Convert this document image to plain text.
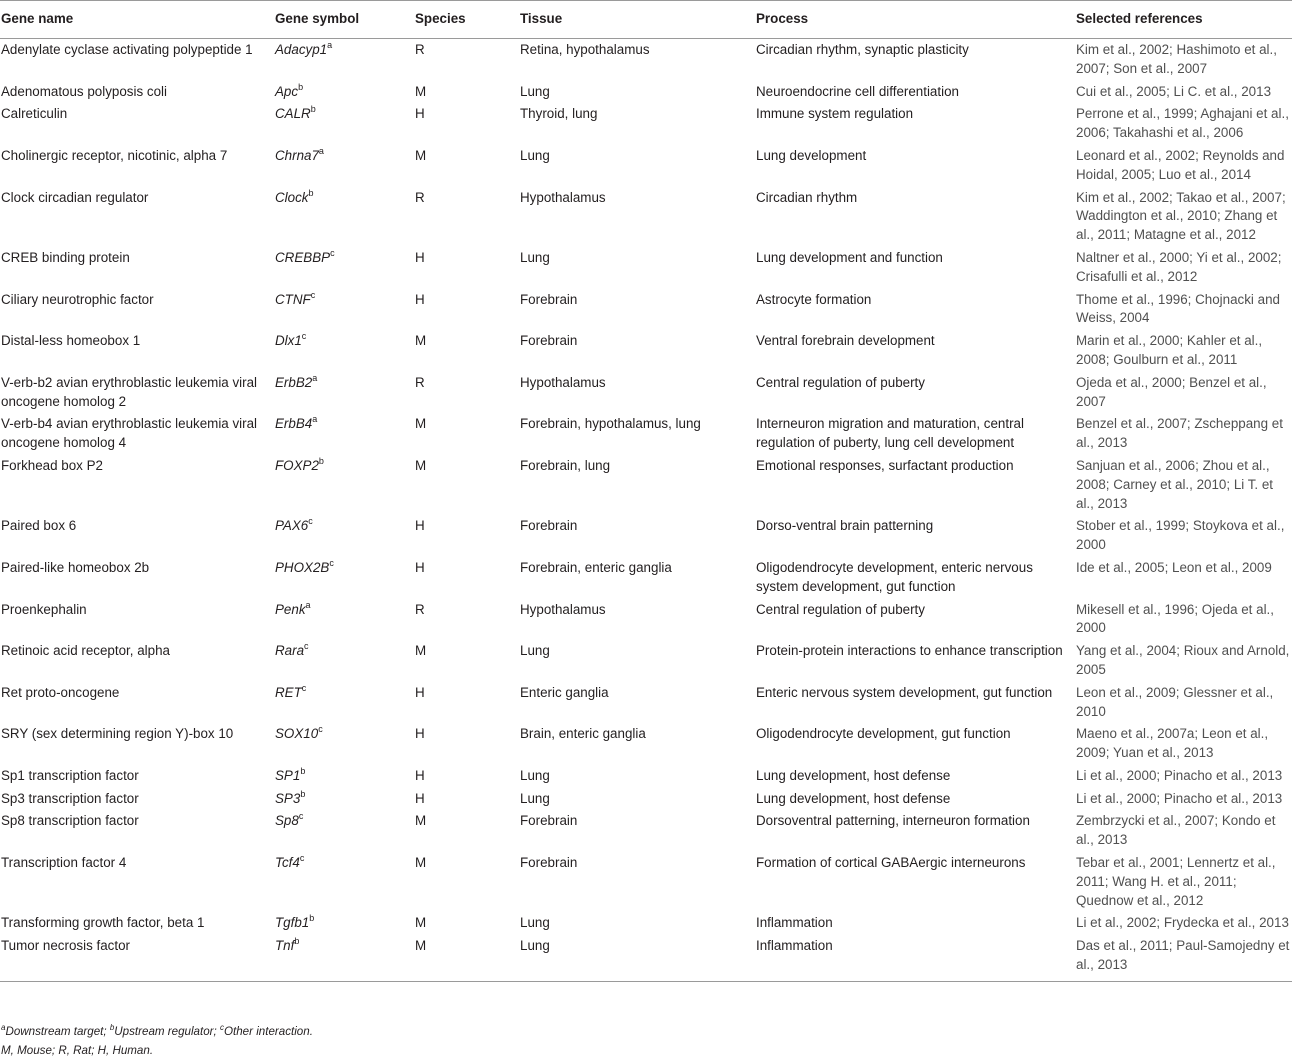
Gene name	Gene symbol	Species	Tissue	Process	Selected references
Adenylate cyclase activating polypeptide 1	Adacyp1$^a$	R	Retina, hypothalamus	Circadian rhythm, synaptic plasticity	Kim et al., 2002; Hashimoto et al., 2007; Son et al., 2007
Adenomatous polyposis coli	Apc$^b$	M	Lung	Neuroendocrine cell differentiation	Cui et al., 2005; Li C. et al., 2013
Calreticulin	CALR$^b$	H	Thyroid, lung	Immune system regulation	Perrone et al., 1999; Aghajani et al., 2006; Takahashi et al., 2006
Cholinergic receptor, nicotinic, alpha 7	Chrna7$^a$	M	Lung	Lung development	Leonard et al., 2002; Reynolds and Hoidal, 2005; Luo et al., 2014
Clock circadian regulator	Clock$^b$	R	Hypothalamus	Circadian rhythm	Kim et al., 2002; Takao et al., 2007; Waddington et al., 2010; Zhang et al., 2011; Matagne et al., 2012
CREB binding protein	CREBBP$^c$	H	Lung	Lung development and function	Naltner et al., 2000; Yi et al., 2002; Crisafulli et al., 2012
Ciliary neurotrophic factor	CTNF$^c$	H	Forebrain	Astrocyte formation	Thome et al., 1996; Chojnacki and Weiss, 2004
Distal-less homeobox 1	Dlx1$^c$	M	Forebrain	Ventral forebrain development	Marin et al., 2000; Kahler et al., 2008; Goulburn et al., 2011
V-erb-b2 avian erythroblastic leukemia viral oncogene homolog 2	ErbB2$^a$	R	Hypothalamus	Central regulation of puberty	Ojeda et al., 2000; Benzel et al., 2007
V-erb-b4 avian erythroblastic leukemia viral oncogene homolog 4	ErbB4$^a$	M	Forebrain, hypothalamus, lung	Interneuron migration and maturation, central regulation of puberty, lung cell development	Benzel et al., 2007; Zscheppang et al., 2013
Forkhead box P2	FOXP2$^b$	M	Forebrain, lung	Emotional responses, surfactant production	Sanjuan et al., 2006; Zhou et al., 2008; Carney et al., 2010; Li T. et al., 2013
Paired box 6	PAX6$^c$	H	Forebrain	Dorso-ventral brain patterning	Stober et al., 1999; Stoykova et al., 2000
Paired-like homeobox 2b	$PHOX2B^c$	H	Forebrain, enteric ganglia	Oligodendrocyte development, enteric nervous system development, gut function	Ide et al., 2005; Leon et al., 2009
Proenkephalin	Penk$^a$	R	Hypothalamus	Central regulation of puberty	Mikesell et al., 1996; Ojeda et al., 2000
Retinoic acid receptor, alpha	Rara$^c$	M	Lung	Protein-protein interactions to enhance transcription	Yang et al., 2004; Rioux and Arnold, 2005
Ret proto-oncogene	RET$^c$	H	Enteric ganglia	Enteric nervous system development, gut function	Leon et al., 2009; Glessner et al., 2010
SRY (sex determining region Y)-box 10	SOX10$^c$	H	Brain, enteric ganglia	Oligodendrocyte development, gut function	Maeno et al., 2007a; Leon et al., 2009; Yuan et al., 2013
Sp1 transcription factor	SP1$^b$	H	Lung	Lung development, host defense	Li et al., 2000; Pinacho et al., 2013
Sp3 transcription factor	SP3$^b$	H	Lung	Lung development, host defense	Li et al., 2000; Pinacho et al., 2013
Sp8 transcription factor	Sp8$^c$	M	Forebrain	Dorsoventral patterning, interneuron formation	Zembrzycki et al., 2007; Kondo et al., 2013
Transcription factor 4	Tcf4$^c$	M	Forebrain	Formation of cortical GABAergic interneurons	Tebar et al., 2001; Lennertz et al., 2011; Wang H. et al., 2011; Quednow et al., 2012
Transforming growth factor, beta 1	Tgfb1$^b$	M	Lung	Inflammation	Li et al., 2002; Frydecka et al., 2013
Tumor necrosis factor	Tnf$^b$	M	Lung	Inflammation	Das et al., 2011; Paul-Samojedny et al., 2013
$^a$Downstream target; $^b$Upstream regulator; $^c$Other interaction.
M, Mouse; R, Rat; H, Human.
